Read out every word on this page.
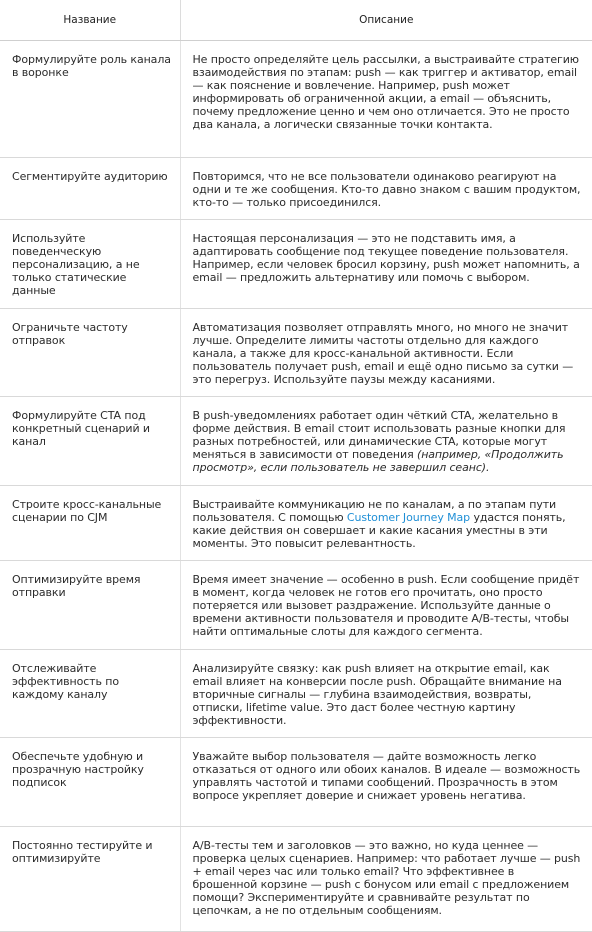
Название	Описание
Формулируйте роль канала в воронке	Не просто определяйте цель рассылки, а выстраивайте стратегию взаимодействия по этапам: push — как триггер и активатор, email — как пояснение и вовлечение. Например, push может информировать об ограниченной акции, а email — объяснить, почему предложение ценно и чем оно отличается. Это не просто два канала, а логически связанные точки контакта.
Сегментируйте аудиторию	Повторимся, что не все пользователи одинаково реагируют на одни и те же сообщения. Кто-то давно знаком с вашим продуктом, кто-то — только присоединился.
Используйте поведенческую персонализацию, а не только статические данные	Настоящая персонализация — это не подставить имя, а адаптировать сообщение под текущее поведение пользователя. Например, если человек бросил корзину, push может напомнить, а email — предложить альтернативу или помочь с выбором.
Ограничьте частоту отправок	Автоматизация позволяет отправлять много, но много не значит лучше. Определите лимиты частоты отдельно для каждого канала, а также для кросс-канальной активности. Если пользователь получает push, email и ещё одно письмо за сутки — это перегруз. Используйте паузы между касаниями.
Формулируйте CTA под конкретный сценарий и канал	В push-уведомлениях работает один чёткий CTA, желательно в форме действия. В email стоит использовать разные кнопки для разных потребностей, или динамические CTA, которые могут меняться в зависимости от поведения (например, «Продолжить просмотр», если пользователь не завершил сеанс).
Строите кросс-канальные сценарии по CJM	Выстраивайте коммуникацию не по каналам, а по этапам пути пользователя. С помощью Customer Journey Map удастся понять, какие действия он совершает и какие касания уместны в эти моменты. Это повысит релевантность.
Оптимизируйте время отправки	Время имеет значение — особенно в push. Если сообщение придёт в момент, когда человек не готов его прочитать, оно просто потеряется или вызовет раздражение. Используйте данные о времени активности пользователя и проводите A/B-тесты, чтобы найти оптимальные слоты для каждого сегмента.
Отслеживайте эффективность по каждому каналу	Анализируйте связку: как push влияет на открытие email, как email влияет на конверсии после push. Обращайте внимание на вторичные сигналы — глубина взаимодействия, возвраты, отписки, lifetime value. Это даст более честную картину эффективности.
Обеспечьте удобную и прозрачную настройку подписок	Уважайте выбор пользователя — дайте возможность легко отказаться от одного или обоих каналов. В идеале — возможность управлять частотой и типами сообщений. Прозрачность в этом вопросе укрепляет доверие и снижает уровень негатива.
Постоянно тестируйте и оптимизируйте	A/B-тесты тем и заголовков — это важно, но куда ценнее — проверка целых сценариев. Например: что работает лучше — push + email через час или только email? Что эффективнее в брошенной корзине — push с бонусом или email с предложением помощи? Экспериментируйте и сравнивайте результат по цепочкам, а не по отдельным сообщениям.
